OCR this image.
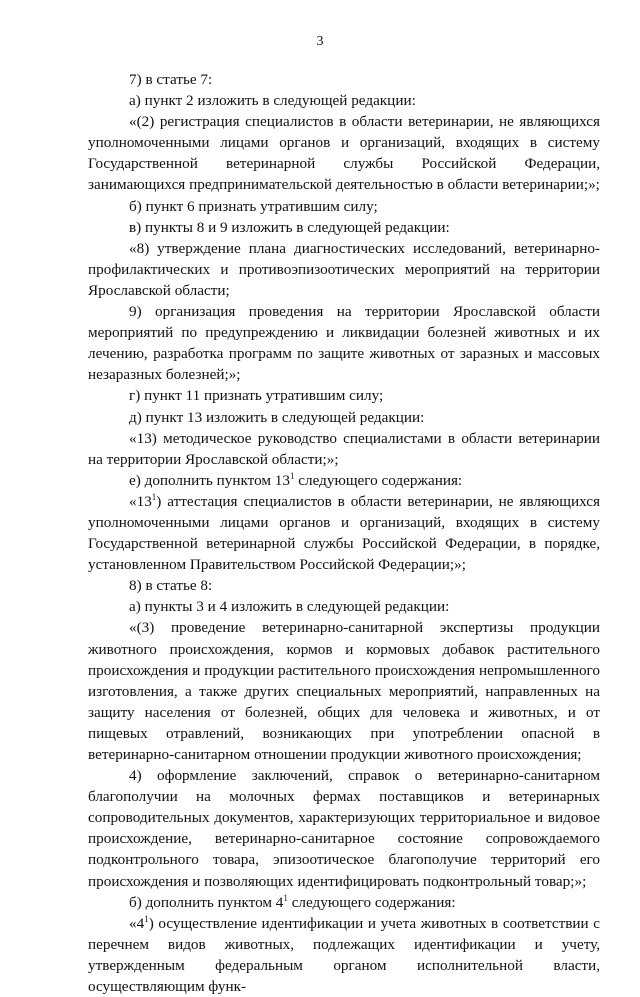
3

7) в статье 7:

а) пункт 2 изложить в следующей редакции:

«(2) регистрация специалистов в области ветеринарии, не являющихся уполномоченными лицами органов и организаций, входящих в систему Государственной ветеринарной службы Российской Федерации, занимающихся предпринимательской деятельностью в области ветеринарии;»;

б) пункт 6 признать утратившим силу;

в) пункты 8 и 9 изложить в следующей редакции:

«8) утверждение плана диагностических исследований, ветеринарно-профилактических и противоэпизоотических мероприятий на территории Ярославской области;

9) организация проведения на территории Ярославской области мероприятий по предупреждению и ликвидации болезней животных и их лечению, разработка программ по защите животных от заразных и массовых незаразных болезней;»;

г) пункт 11 признать утратившим силу;

д) пункт 13 изложить в следующей редакции:

«13) методическое руководство специалистами в области ветеринарии на территории Ярославской области;»;

е) дополнить пунктом $13^1$ следующего содержания:

«$13^1$) аттестация специалистов в области ветеринарии, не являющихся уполномоченными лицами органов и организаций, входящих в систему Государственной ветеринарной службы Российской Федерации, в порядке, установленном Правительством Российской Федерации;»;

8) в статье 8:

а) пункты 3 и 4 изложить в следующей редакции:

«(3) проведение ветеринарно-санитарной экспертизы продукции животного происхождения, кормов и кормовых добавок растительного происхождения и продукции растительного происхождения непромышленного изготовления, а также других специальных мероприятий, направленных на защиту населения от болезней, общих для человека и животных, и от пищевых отравлений, возникающих при употреблении опасной в ветеринарно-санитарном отношении продукции животного происхождения;

4) оформление заключений, справок о ветеринарно-санитарном благополучии на молочных фермах поставщиков и ветеринарных сопроводительных документов, характеризующих территориальное и видовое происхождение, ветеринарно-санитарное состояние сопровождаемого подконтрольного товара, эпизоотическое благополучие территорий его происхождения и позволяющих идентифицировать подконтрольный товар;»;

б) дополнить пунктом $4^1$ следующего содержания:

«$4^1$) осуществление идентификации и учета животных в соответствии с перечнем видов животных, подлежащих идентификации и учету, утвержденным федеральным органом исполнительной власти, осуществляющим функ-
